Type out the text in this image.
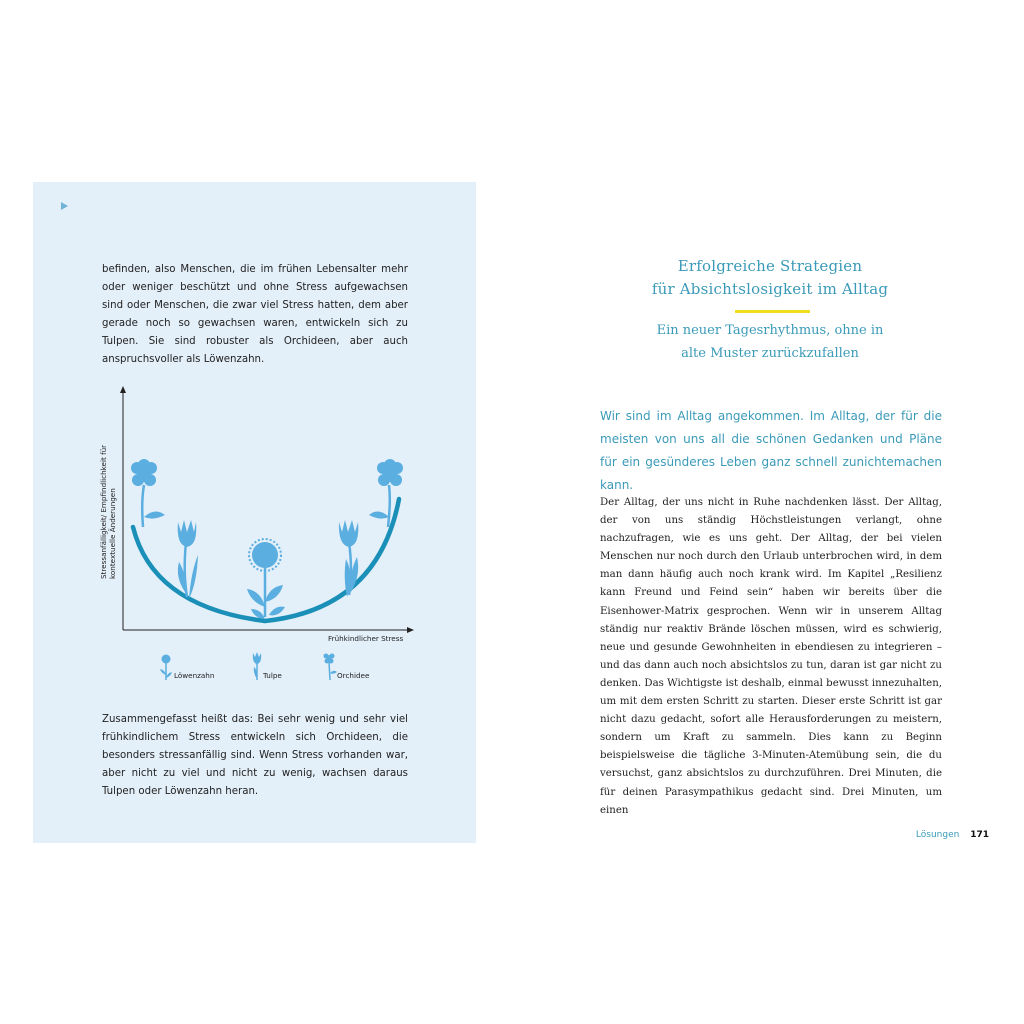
befinden, also Menschen, die im frühen Lebensalter mehr oder weniger beschützt und ohne Stress aufgewachsen sind oder Menschen, die zwar viel Stress hatten, dem aber gerade noch so gewachsen waren, entwickeln sich zu Tulpen. Sie sind robuster als Orchideen, aber auch anspruchsvoller als Löwenzahn.
Stressanfälligkeit/ Empfindlichkeit für kontextuelle Änderungen
Frühkindlicher Stress
Löwenzahn	Tulpe	Orchidee
Zusammengefasst heißt das: Bei sehr wenig und sehr viel frühkindlichem Stress entwickeln sich Orchideen, die besonders stressanfällig sind. Wenn Stress vorhanden war, aber nicht zu viel und nicht zu wenig, wachsen daraus Tulpen oder Löwenzahn heran.
Erfolgreiche Strategien
für Absichtslosigkeit im Alltag
Ein neuer Tagesrhythmus, ohne in
alte Muster zurückzufallen
Wir sind im Alltag angekommen. Im Alltag, der für die meisten von uns all die schönen Gedanken und Pläne für ein gesünderes Leben ganz schnell zunichtemachen kann.
Der Alltag, der uns nicht in Ruhe nachdenken lässt. Der Alltag, der von uns ständig Höchstleistungen verlangt, ohne nachzufragen, wie es uns geht. Der Alltag, der bei vielen Menschen nur noch durch den Urlaub unterbrochen wird, in dem man dann häufig auch noch krank wird. Im Kapitel „Resilienz kann Freund und Feind sein“ haben wir bereits über die Eisenhower-Matrix gesprochen. Wenn wir in unserem Alltag ständig nur reaktiv Brände löschen müssen, wird es schwierig, neue und gesunde Gewohnheiten in ebendiesen zu integrieren – und das dann auch noch absichtslos zu tun, daran ist gar nicht zu denken. Das Wichtigste ist deshalb, einmal bewusst innezuhalten, um mit dem ersten Schritt zu starten. Dieser erste Schritt ist gar nicht dazu gedacht, sofort alle Herausforderungen zu meistern, sondern um Kraft zu sammeln. Dies kann zu Beginn beispielsweise die tägliche 3-Minuten-Atemübung sein, die du versuchst, ganz absichtslos zu durchzuführen. Drei Minuten, die für deinen Parasympathikus gedacht sind. Drei Minuten, um einen
Lösungen 171
